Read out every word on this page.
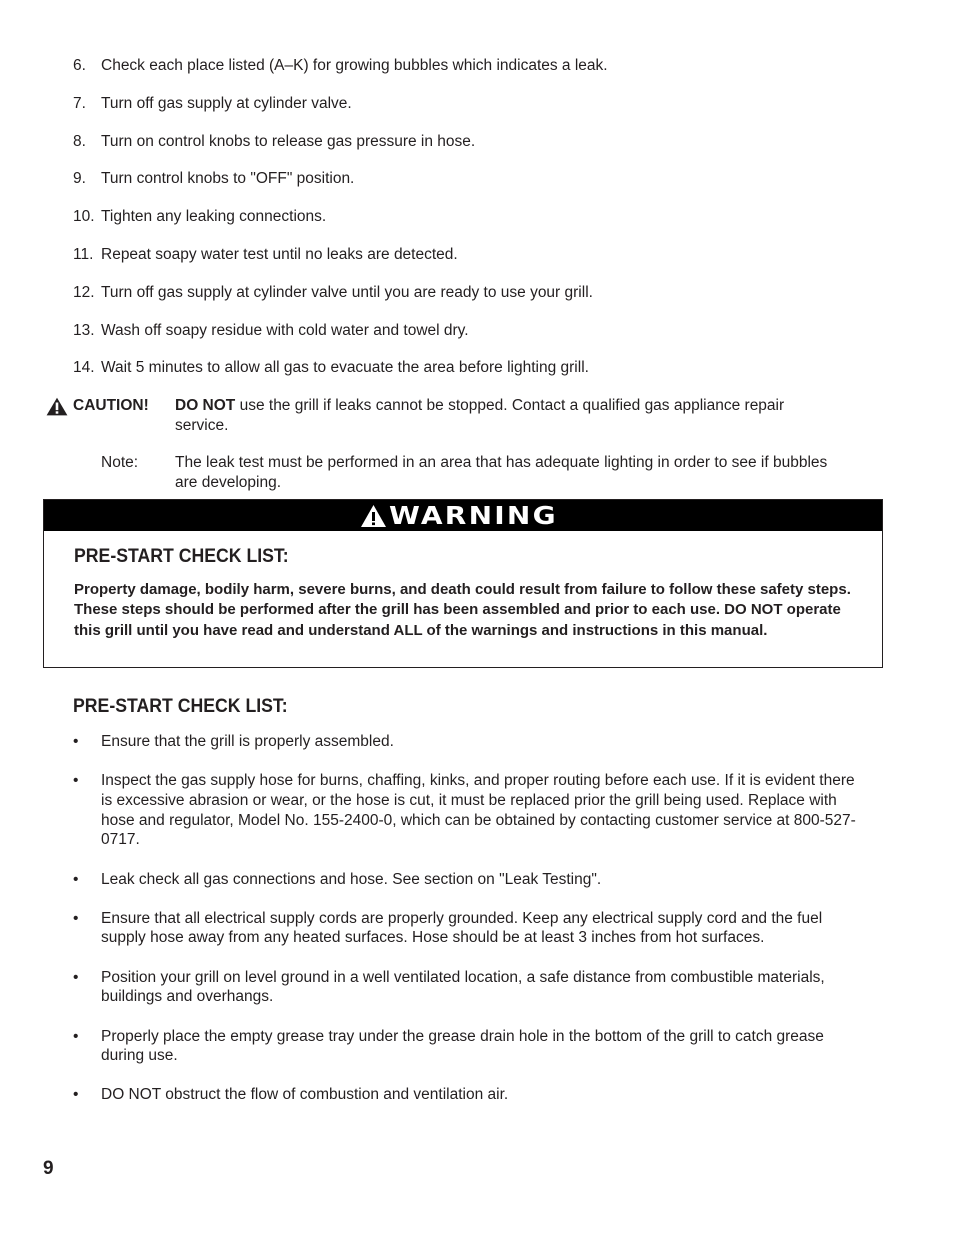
6. Check each place listed (A–K) for growing bubbles which indicates a leak.
7. Turn off gas supply at cylinder valve.
8. Turn on control knobs to release gas pressure in hose.
9. Turn control knobs to "OFF" position.
10. Tighten any leaking connections.
11. Repeat soapy water test until no leaks are detected.
12. Turn off gas supply at cylinder valve until you are ready to use your grill.
13. Wash off soapy residue with cold water and towel dry.
14. Wait 5 minutes to allow all gas to evacuate the area before lighting grill.
CAUTION! DO NOT use the grill if leaks cannot be stopped. Contact a qualified gas appliance repair service.
Note: The leak test must be performed in an area that has adequate lighting in order to see if bubbles are developing.
WARNING
PRE-START CHECK LIST:
Property damage, bodily harm, severe burns, and death could result from failure to follow these safety steps. These steps should be performed after the grill has been assembled and prior to each use. DO NOT operate this grill until you have read and understand ALL of the warnings and instructions in this manual.
PRE-START CHECK LIST:
• Ensure that the grill is properly assembled.
• Inspect the gas supply hose for burns, chaffing, kinks, and proper routing before each use. If it is evident there is excessive abrasion or wear, or the hose is cut, it must be replaced prior the grill being used. Replace with hose and regulator, Model No. 155-2400-0, which can be obtained by contacting customer service at 800-527-0717.
• Leak check all gas connections and hose. See section on "Leak Testing".
• Ensure that all electrical supply cords are properly grounded. Keep any electrical supply cord and the fuel supply hose away from any heated surfaces. Hose should be at least 3 inches from hot surfaces.
• Position your grill on level ground in a well ventilated location, a safe distance from combustible materials, buildings and overhangs.
• Properly place the empty grease tray under the grease drain hole in the bottom of the grill to catch grease during use.
• DO NOT obstruct the flow of combustion and ventilation air.
9
